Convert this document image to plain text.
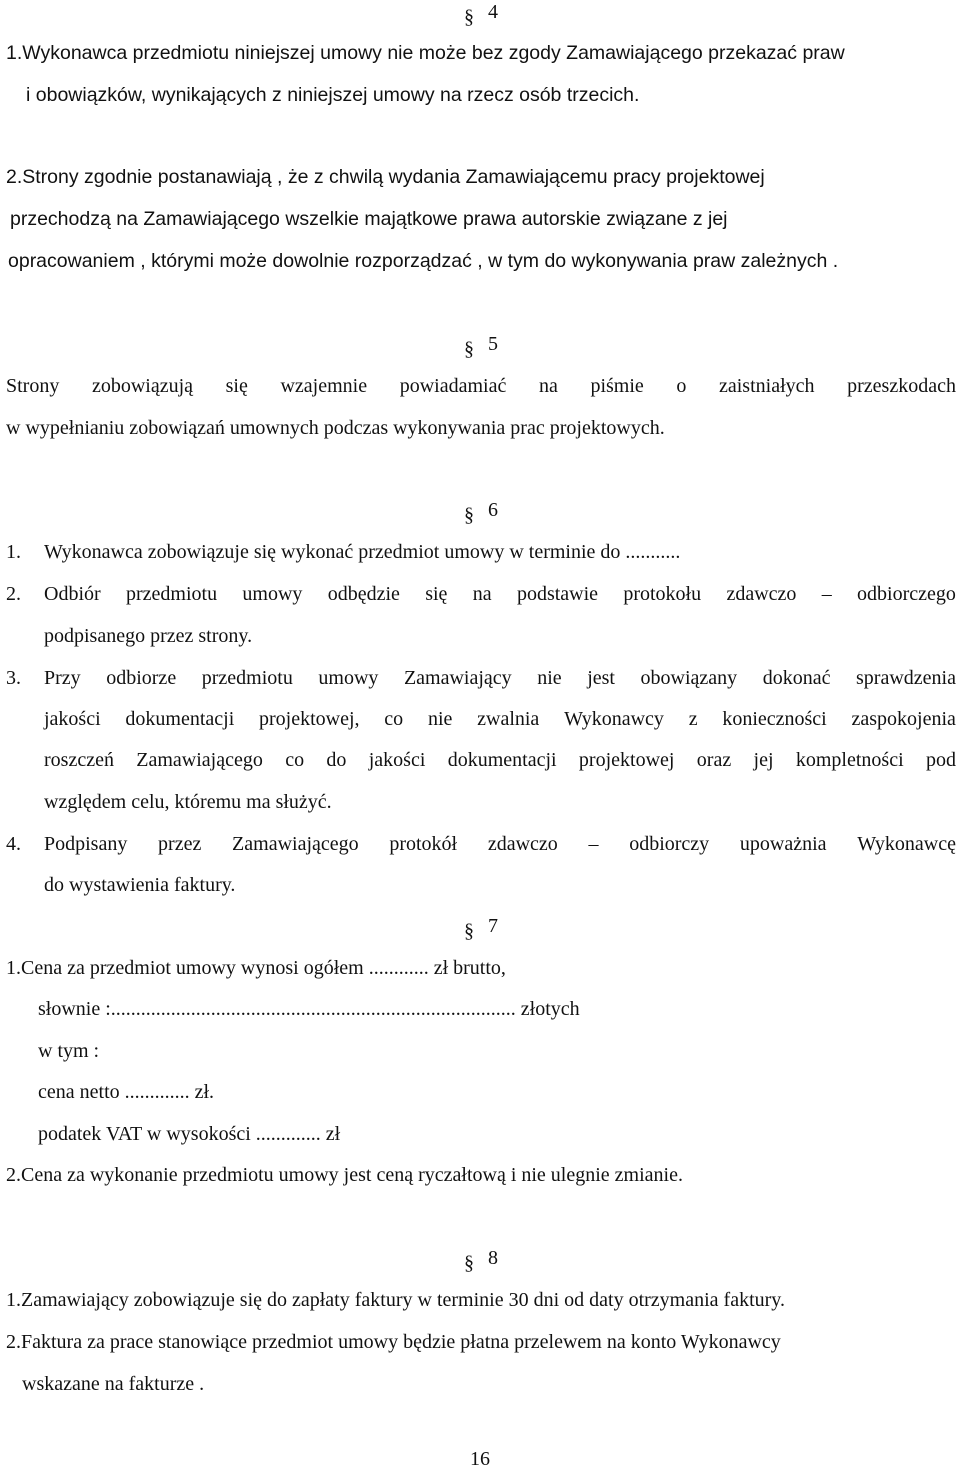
§ 4
1.Wykonawca przedmiotu niniejszej umowy nie może bez zgody Zamawiającego przekazać praw
i obowiązków, wynikających z niniejszej umowy na rzecz osób trzecich.
2.Strony zgodnie postanawiają , że z chwilą wydania Zamawiającemu pracy projektowej
przechodzą na Zamawiającego wszelkie majątkowe prawa autorskie związane z jej
opracowaniem , którymi może dowolnie rozporządzać , w tym do wykonywania praw zależnych .
§ 5
Strony zobowiązują się wzajemnie powiadamiać na piśmie o zaistniałych przeszkodach
w wypełnianiu zobowiązań umownych podczas wykonywania prac projektowych.
§ 6
1. Wykonawca zobowiązuje się wykonać przedmiot umowy w terminie do ...........
2. Odbiór przedmiotu umowy odbędzie się na podstawie protokołu zdawczo – odbiorczego
podpisanego przez strony.
3. Przy odbiorze przedmiotu umowy Zamawiający nie jest obowiązany dokonać sprawdzenia
jakości dokumentacji projektowej, co nie zwalnia Wykonawcy z konieczności zaspokojenia
roszczeń Zamawiającego co do jakości dokumentacji projektowej oraz jej kompletności pod
względem celu, któremu ma służyć.
4. Podpisany przez Zamawiającego protokół zdawczo – odbiorczy upoważnia Wykonawcę
do wystawienia faktury.
§ 7
1.Cena za przedmiot umowy wynosi ogółem ............ zł brutto,
słownie :................................................................................. złotych
w tym :
cena netto ............. zł.
podatek VAT w wysokości ............. zł
2.Cena za wykonanie przedmiotu umowy jest ceną ryczałtową i nie ulegnie zmianie.
§ 8
1.Zamawiający zobowiązuje się do zapłaty faktury w terminie 30 dni od daty otrzymania faktury.
2.Faktura za prace stanowiące przedmiot umowy będzie płatna przelewem na konto Wykonawcy
wskazane na fakturze .
16
